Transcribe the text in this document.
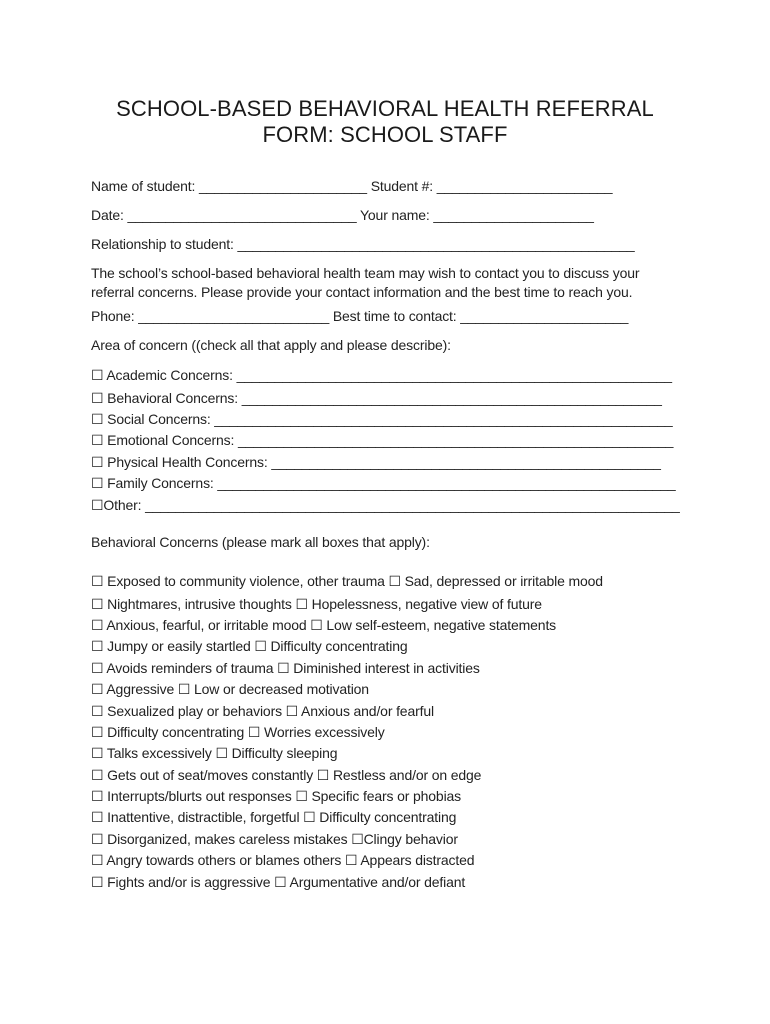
SCHOOL-BASED BEHAVIORAL HEALTH REFERRAL
FORM: SCHOOL STAFF
Name of student: ______________________ Student #: _______________________
Date: ______________________________ Your name: _____________________
Relationship to student: ____________________________________________________
The school’s school-based behavioral health team may wish to contact you to discuss your
referral concerns. Please provide your contact information and the best time to reach you.
Phone: _________________________ Best time to contact: ______________________
Area of concern ((check all that apply and please describe):
☐ Academic Concerns: _________________________________________________________
☐ Behavioral Concerns: _______________________________________________________
☐ Social Concerns: ____________________________________________________________
☐ Emotional Concerns: _________________________________________________________
☐ Physical Health Concerns: ___________________________________________________
☐ Family Concerns: ____________________________________________________________
☐Other: ______________________________________________________________________
Behavioral Concerns (please mark all boxes that apply):
☐ Exposed to community violence, other trauma ☐ Sad, depressed or irritable mood
☐ Nightmares, intrusive thoughts ☐ Hopelessness, negative view of future
☐ Anxious, fearful, or irritable mood ☐ Low self-esteem, negative statements
☐ Jumpy or easily startled ☐ Difficulty concentrating
☐ Avoids reminders of trauma ☐ Diminished interest in activities
☐ Aggressive ☐ Low or decreased motivation
☐ Sexualized play or behaviors ☐ Anxious and/or fearful
☐ Difficulty concentrating ☐ Worries excessively
☐ Talks excessively ☐ Difficulty sleeping
☐ Gets out of seat/moves constantly ☐ Restless and/or on edge
☐ Interrupts/blurts out responses ☐ Specific fears or phobias
☐ Inattentive, distractible, forgetful ☐ Difficulty concentrating
☐ Disorganized, makes careless mistakes ☐Clingy behavior
☐ Angry towards others or blames others ☐ Appears distracted
☐ Fights and/or is aggressive ☐ Argumentative and/or defiant
